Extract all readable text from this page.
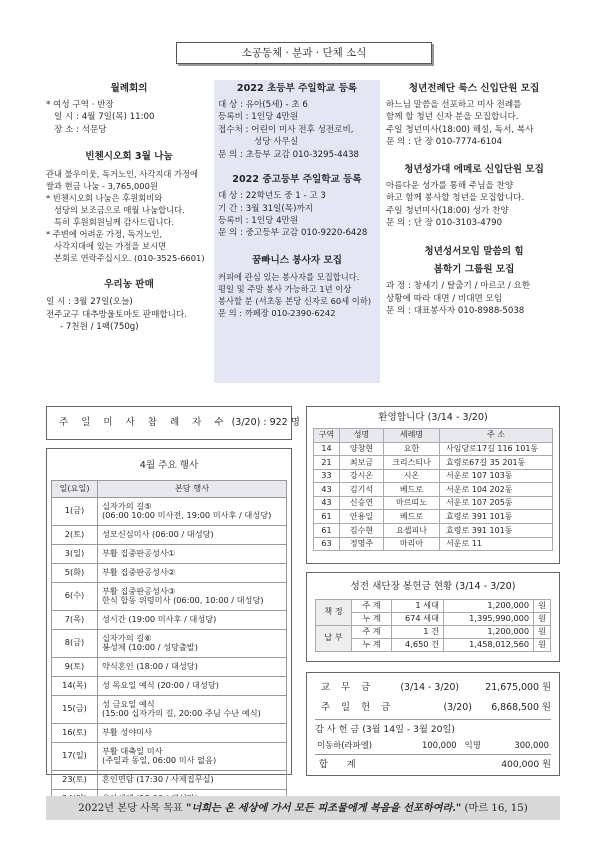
소공동체 · 분과 · 단체 소식
월례회의
* 여성 구역 · 반장
일 시 : 4월 7일(목) 11:00
장 소 : 석문당
빈첸시오회 3월 나눔
관내 불우이웃, 독거노인, 사각지대 가정에
쌀과 현금 나눔 - 3,765,000원
* 빈첸시오회 나눔은 후원회비와
성당의 보조금으로 매월 나눔합니다.
특히 후원회원님께 감사드립니다.
* 주변에 어려운 가정, 독거노인,
사각지대에 있는 가정을 보시면
본회로 연락주십시오. (010-3525-6601)
우리농 판매
일 시 : 3월 27일(오늘)
전주교구 대추방울토마토 판매합니다.
- 7천원 / 1팩(750g)
2022 초등부 주일학교 등록
대 상 : 유아(5세) - 초 6
등록비 : 1인당 4만원
접수처 : 어린이 미사 전후 성전로비,
성당 사무실
문 의 : 초등부 교감 010-3295-4438
2022 중고등부 주일학교 등록
대 상 : 22학년도 중 1 - 고 3
기 간 : 3월 31일(목)까지
등록비 : 1인당 4만원
문 의 : 중고등부 교감 010-9220-6428
꿈빠니스 봉사자 모집
커피에 관심 있는 봉사자를 모집합니다.
평일 및 주말 봉사 가능하고 1년 이상
봉사할 분 (서초동 본당 신자로 60세 이하)
문 의 : 까페장 010-2390-6242
청년전례단 룩스 신입단원 모집
하느님 말씀을 선포하고 미사 전례를
함께 할 청년 신자 분을 모집합니다.
주일 청년미사(18:00) 해설, 독서, 복사
문 의 : 단 장 010-7774-6104
청년성가대 에메로 신입단원 모집
아름다운 성가를 통해 주님을 찬양
하고 함께 봉사할 청년을 모집합니다.
주일 청년미사(18:00) 성가 찬양
문 의 : 단 장 010-3103-4790
청년성서모임 말씀의 힘
봄학기 그룹원 모집
과 정 : 창세기 / 탈출기 / 마르코 / 요한
상황에 따라 대면 / 비대면 모임
문 의 : 대표봉사자 010-8988-5038
주 일 미 사 참 례 자 수 (3/20) : 922 명
4월 주요 행사
일(요일)	본당 행사
1(금)	십자가의 길⑤
(06:00 10:00 미사전, 19:00 미사후 / 대성당)

2(토)	성모신심미사 (06:00 / 대성당)

3(일)	부활 집중판공성사①

5(화)	부활 집중판공성사②

6(수)	부활 집중판공성사③
한식 합동 위령미사 (06:00, 10:00 / 대성당)

7(목)	성시간 (19:00 미사후 / 대성당)

8(금)	십자가의 길⑥
봉성체 (10:00 / 성당출발)

9(토)	약식혼인 (18:00 / 대성당)

14(목)	성 목요일 예식 (20:00 / 대성당)

15(금)	성 금요일 예식
(15:00 십자가의 길, 20:00 주님 수난 예식)

16(토)	부활 성야미사

17(일)	부활 대축일 미사
(주일과 동일, 06:00 미사 없음)

23(토)	혼인면담 (17:30 / 사제집무실)

환영합니다 (3/14 - 3/20)
구역	성명	세례명	주 소
14	양창현	요한	사임당로17길 116 101동
21	최보금	크리스티나	효령로67길 35 201동
33	강시온	시온	서운로 107 103동
43	김기석	베드로	서운로 104 202동
43	신승연	마르띠노	서운로 107 205동
61	안용일	베드로	효령로 391 101동
61	김수현	요셉피나	효령로 391 101동
63	정명주	마리아	서운로 11
성전 새단장 봉헌금 현황 (3/14 - 3/20)
책 정	주 계	1 세대	1,200,000	원
	누 계	674 세대	1,395,990,000	원
납 부	주 계	1 건	1,200,000	원
	누 계	4,650 건	1,458,012,560	원
교 무 금	(3/14 - 3/20)	21,675,000 원
주 일 헌 금	(3/20) 6,868,500 원
감 사 헌 금 (3월 14일 - 3월 20일)
이동하(라파엘)	100,000	익명	300,000
합 계	400,000 원
2022년 본당 사목 목표 "너희는 온 세상에 가서 모든 피조물에게 복음을 선포하여라." (마르 16, 15)
